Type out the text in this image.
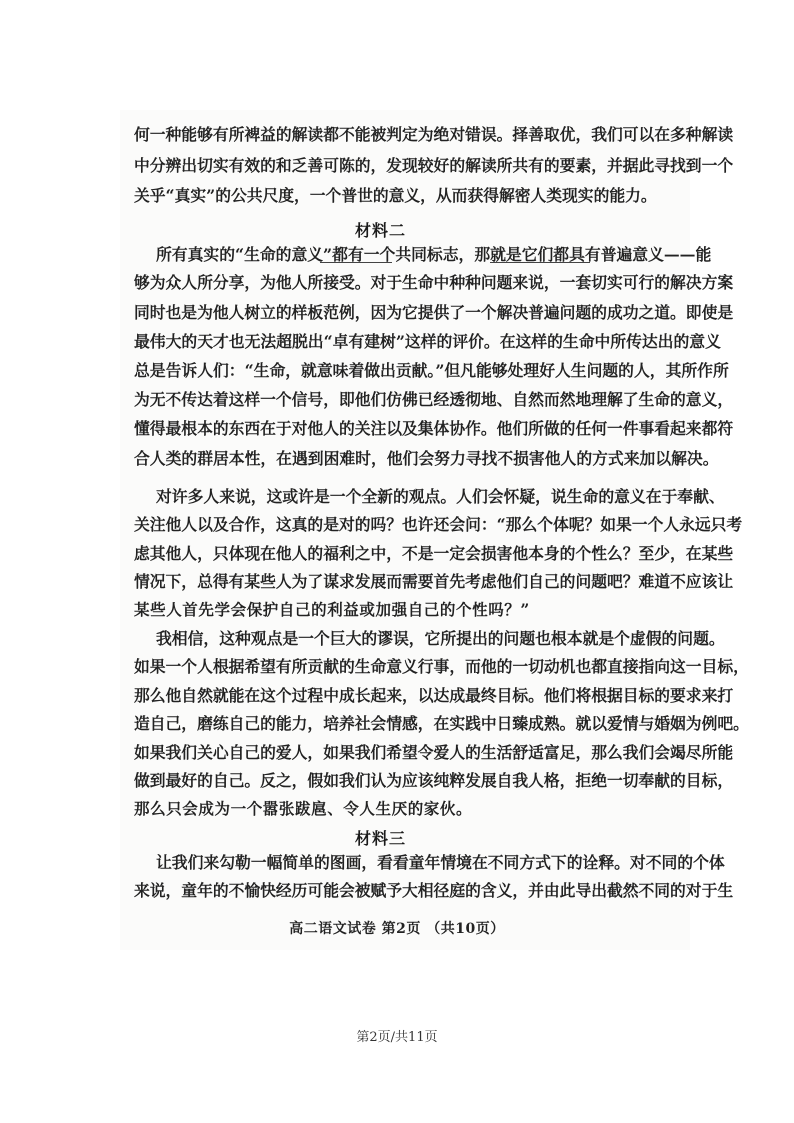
何一种能够有所裨益的解读都不能被判定为绝对错误。择善取优，我们可以在多种解读
中分辨出切实有效的和乏善可陈的，发现较好的解读所共有的要素，并据此寻找到一个
关乎“真实”的公共尺度，一个普世的意义，从而获得解密人类现实的能力。
材料二
所有真实的“生命的意义”都有一个共同标志，那就是它们都具有普遍意义——能
够为众人所分享，为他人所接受。对于生命中种种问题来说，一套切实可行的解决方案
同时也是为他人树立的样板范例，因为它提供了一个解决普遍问题的成功之道。即使是
最伟大的天才也无法超脱出“卓有建树”这样的评价。在这样的生命中所传达出的意义
总是告诉人们：“生命，就意味着做出贡献。”但凡能够处理好人生问题的人，其所作所
为无不传达着这样一个信号，即他们仿佛已经透彻地、自然而然地理解了生命的意义，
懂得最根本的东西在于对他人的关注以及集体协作。他们所做的任何一件事看起来都符
合人类的群居本性，在遇到困难时，他们会努力寻找不损害他人的方式来加以解决。
对许多人来说，这或许是一个全新的观点。人们会怀疑，说生命的意义在于奉献、
关注他人以及合作，这真的是对的吗？也许还会问：“那么个体呢？如果一个人永远只考
虑其他人，只体现在他人的福利之中，不是一定会损害他本身的个性么？至少，在某些
情况下，总得有某些人为了谋求发展而需要首先考虑他们自己的问题吧？难道不应该让
某些人首先学会保护自己的利益或加强自己的个性吗？”
我相信，这种观点是一个巨大的谬误，它所提出的问题也根本就是个虚假的问题。
如果一个人根据希望有所贡献的生命意义行事，而他的一切动机也都直接指向这一目标，
那么他自然就能在这个过程中成长起来，以达成最终目标。他们将根据目标的要求来打
造自己，磨练自己的能力，培养社会情感，在实践中日臻成熟。就以爱情与婚姻为例吧。
如果我们关心自己的爱人，如果我们希望令爱人的生活舒适富足，那么我们会竭尽所能
做到最好的自己。反之，假如我们认为应该纯粹发展自我人格，拒绝一切奉献的目标，
那么只会成为一个嚣张跋扈、令人生厌的家伙。
材料三
让我们来勾勒一幅简单的图画，看看童年情境在不同方式下的诠释。对不同的个体
来说，童年的不愉快经历可能会被赋予大相径庭的含义，并由此导出截然不同的对于生
高二语文试卷 第2页 （共10页）
第2页/共11页
